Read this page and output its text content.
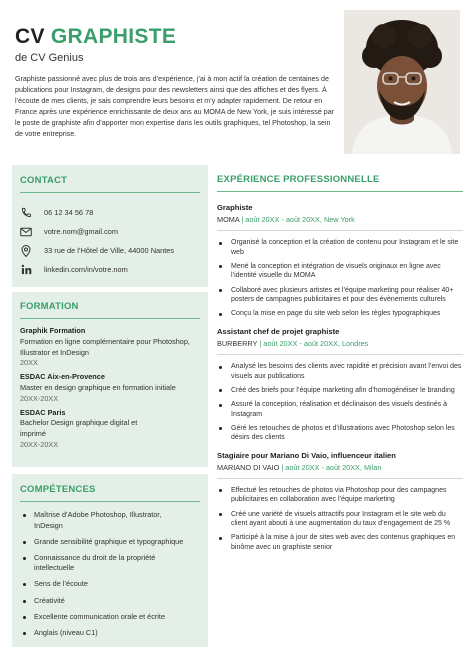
CV GRAPHISTE
de CV Genius
Graphiste passionné avec plus de trois ans d’expérience, j’ai à mon actif la création de centaines de publications pour Instagram, de designs pour des newsletters ainsi que des affiches et des flyers. À l’écoute de mes clients, je sais comprendre leurs besoins et m’y adapter rapidement. De retour en France après une expérience enrichissante de deux ans au MOMA de New York, je suis intéressé par le poste de graphiste afin d’apporter mon expertise dans les outils graphiques, tel Photoshop, la sein de votre entreprise.
CONTACT
06 12 34 56 78
votre.nom@gmail.com
33 rue de l’Hôtel de Ville, 44000 Nantes
linkedin.com/in/votre.nom
FORMATION
Graphik Formation
Formation en ligne complémentaire pour Photoshop, Illustrator et InDesign
20XX
ESDAC Aix-en-Provence
Master en design graphique en formation initiale
20XX-20XX
ESDAC Paris
Bachelor Design graphique digital et imprimé
20XX-20XX
COMPÉTENCES
Maîtrise d’Adobe Photoshop, Illustrator, InDesign
Grande sensibilité graphique et typographique
Connaissance du droit de la propriété intellectuelle
Sens de l’écoute
Créativité
Excellente communication orale et écrite
Anglais (niveau C1)
EXPÉRIENCE PROFESSIONNELLE
Graphiste
MOMA | août 20XX - août 20XX, New York
Organisé la conception et la création de contenu pour Instagram et le site web
Mené la conception et intégration de visuels originaux en ligne avec l’identité visuelle du MOMA
Collaboré avec plusieurs artistes et l’équipe marketing pour réaliser 40+ posters de campagnes publicitaires et pour des évènements culturels
Conçu la mise en page du site web selon les règles typographiques
Assistant chef de projet graphiste
BURBERRY | août 20XX - août 20XX, Londres
Analysé les besoins des clients avec rapidité et précision avant l’envoi des visuels aux publications
Créé des briefs pour l’équipe marketing afin d’homogénéiser le branding
Assuré la conception, réalisation et déclinaison des visuels destinés à Instagram
Géré les retouches de photos et d’illustrations avec Photoshop selon les désirs des clients
Stagiaire pour Mariano Di Vaio, influenceur italien
MARIANO DI VAIO | août 20XX - août 20XX, Milan
Effectué les retouches de photos via Photoshop pour des campagnes publicitaires en collaboration avec l’équipe marketing
Créé une variété de visuels attractifs pour Instagram et le site web du client ayant abouti à une augmentation du taux d’engagement de 25 %
Participé à la mise à jour de sites web avec des contenus graphiques en binôme avec un graphiste senior
